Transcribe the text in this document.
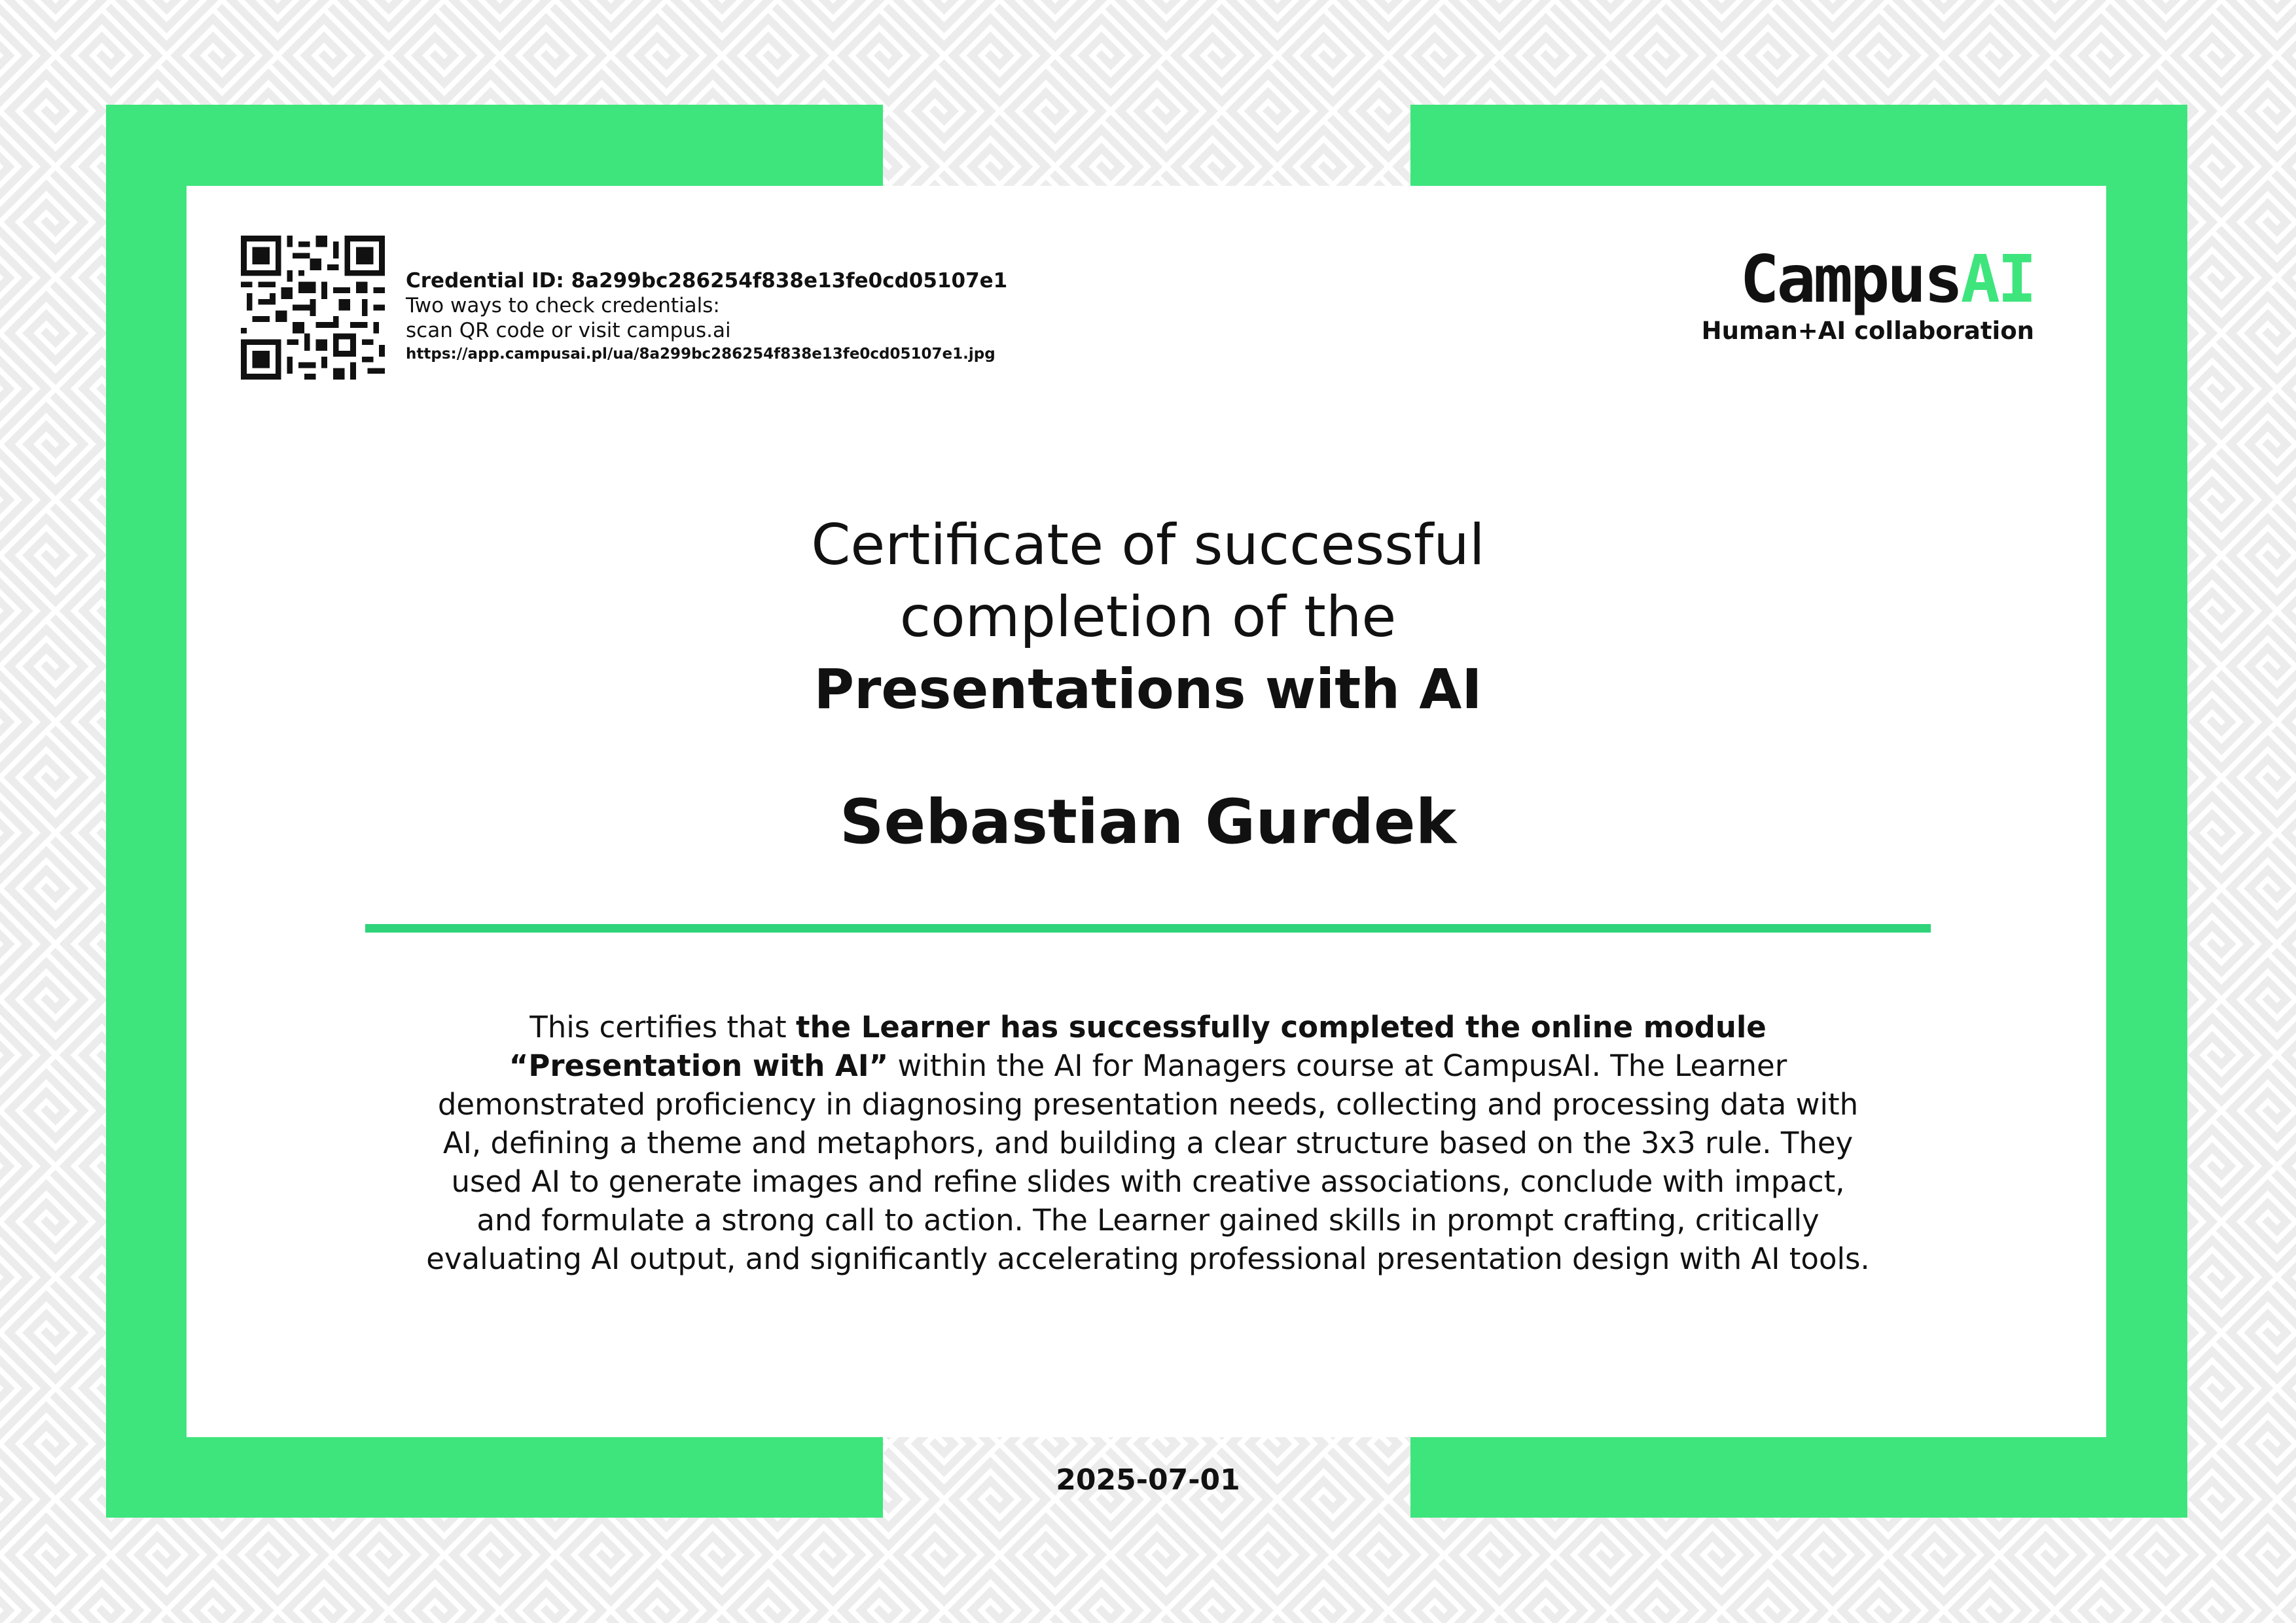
Credential ID: 8a299bc286254f838e13fe0cd05107e1
Two ways to check credentials:
scan QR code or visit campus.ai
https://app.campusai.pl/ua/8a299bc286254f838e13fe0cd05107e1.jpg
CampusAI
Human+AI collaboration
Certificate of successful
completion of the
Presentations with AI
Sebastian Gurdek
This certifies that the Learner has successfully completed the online module “Presentation with AI” within the AI for Managers course at CampusAI. The Learner demonstrated proficiency in diagnosing presentation needs, collecting and processing data with AI, defining a theme and metaphors, and building a clear structure based on the 3x3 rule. They used AI to generate images and refine slides with creative associations, conclude with impact, and formulate a strong call to action. The Learner gained skills in prompt crafting, critically evaluating AI output, and significantly accelerating professional presentation design with AI tools.
2025-07-01
